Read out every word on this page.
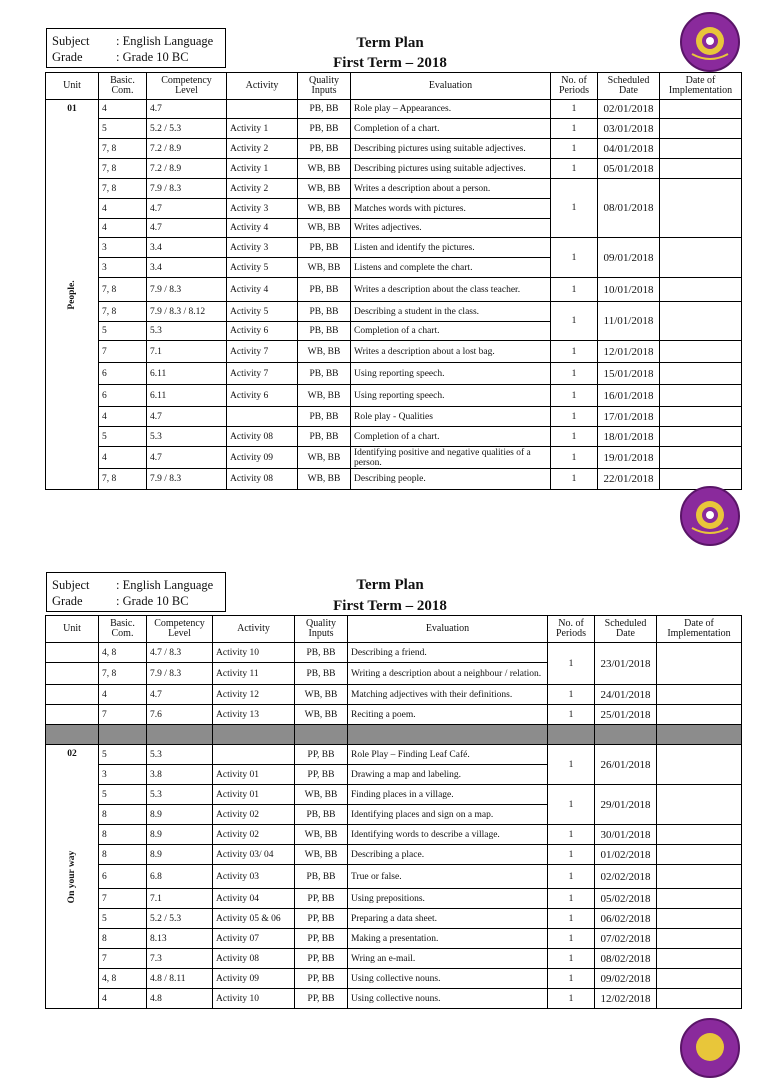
Subject : English Language
Grade	: Grade 10 BC
Term Plan
First Term – 2018
Unit	Basic. Com.	Competency Level	Activity	Quality Inputs	Evaluation	No. of Periods	Scheduled Date	Date of Implementation

01
People.	4	4.7		PB, BB	Role play – Appearances.	1	02/01/2018	
	5	5.2 / 5.3	Activity 1	PB, BB	Completion of a chart.	1	03/01/2018	
	7, 8	7.2 / 8.9	Activity 2	PB, BB	Describing pictures using suitable adjectives.	1	04/01/2018	
	7, 8	7.2 / 8.9	Activity 1	WB, BB	Describing pictures using suitable adjectives.	1	05/01/2018	
	7, 8	7.9 / 8.3	Activity 2	WB, BB	Writes a description about a person.	1	08/01/2018	
	4	4.7	Activity 3	WB, BB	Matches words with pictures.			
	4	4.7	Activity 4	WB, BB	Writes adjectives.			
	3	3.4	Activity 3	PB, BB	Listen and identify the pictures.	1	09/01/2018	
	3	3.4	Activity 5	WB, BB	Listens and complete the chart.			
	7, 8	7.9 / 8.3	Activity 4	PB, BB	Writes a description about the class teacher.	1	10/01/2018	
	7, 8	7.9 / 8.3 / 8.12	Activity 5	PB, BB	Describing a student in the class.	1	11/01/2018	
	5	5.3	Activity 6	PB, BB	Completion of a chart.			
	7	7.1	Activity 7	WB, BB	Writes a description about a lost bag.	1	12/01/2018	
	6	6.11	Activity 7	PB, BB	Using reporting speech.	1	15/01/2018	
	6	6.11	Activity 6	WB, BB	Using reporting speech.	1	16/01/2018	
	4	4.7		PB, BB	Role play - Qualities	1	17/01/2018	
	5	5.3	Activity 08	PB, BB	Completion of a chart.	1	18/01/2018	
	4	4.7	Activity 09	WB, BB	Identifying positive and negative qualities of a person.	1	19/01/2018	
	7, 8	7.9 / 8.3	Activity 08	WB, BB	Describing people.	1	22/01/2018	
Subject : English Language
Grade	: Grade 10 BC
Term Plan
First Term – 2018
Unit	Basic. Com.	Competency Level	Activity	Quality Inputs	Evaluation	No. of Periods	Scheduled Date	Date of Implementation
	4, 8	4.7 / 8.3	Activity 10	PB, BB	Describing a friend.	1	23/01/2018	
	7, 8	7.9 / 8.3	Activity 11	PB, BB	Writing a description about a neighbour / relation.			
	4	4.7	Activity 12	WB, BB	Matching adjectives with their definitions.	1	24/01/2018	
	7	7.6	Activity 13	WB, BB	Reciting a poem.	1	25/01/2018	

02
On your way	5	5.3		PP, BB	Role Play – Finding Leaf Café.	1	26/01/2018	
	3	3.8	Activity 01	PP, BB	Drawing a map and labeling.			
	5	5.3	Activity 01	WB, BB	Finding places in a village.	1	29/01/2018	
	8	8.9	Activity 02	PB, BB	Identifying places and sign on a map.			
	8	8.9	Activity 02	WB, BB	Identifying words to describe a village.	1	30/01/2018	
	8	8.9	Activity 03/ 04	WB, BB	Describing a place.	1	01/02/2018	
	6	6.8	Activity 03	PB, BB	True or false.	1	02/02/2018	
	7	7.1	Activity 04	PP, BB	Using prepositions.	1	05/02/2018	
	5	5.2 / 5.3	Activity 05 & 06	PP, BB	Preparing a data sheet.	1	06/02/2018	
	8	8.13	Activity 07	PP, BB	Making a presentation.	1	07/02/2018	
	7	7.3	Activity 08	PP, BB	Wring an e-mail.	1	08/02/2018	
	4, 8	4.8 / 8.11	Activity 09	PP, BB	Using collective nouns.	1	09/02/2018	
	4	4.8	Activity 10	PP, BB	Using collective nouns.	1	12/02/2018	
